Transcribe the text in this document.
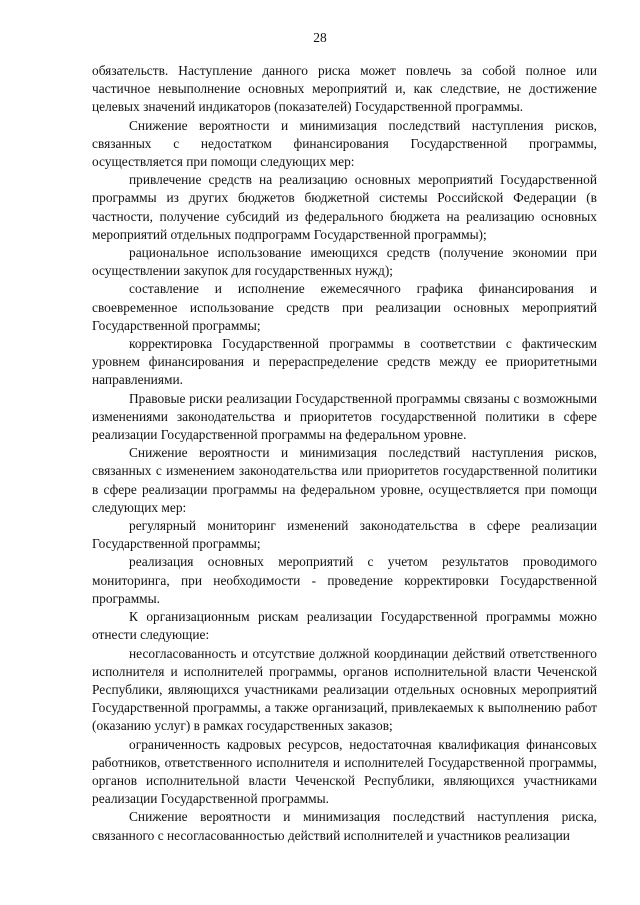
28

обязательств. Наступление данного риска может повлечь за собой полное или частичное невыполнение основных мероприятий и, как следствие, не достижение целевых значений индикаторов (показателей) Государственной программы.

Снижение вероятности и минимизация последствий наступления рисков, связанных с недостатком финансирования Государственной программы, осуществляется при помощи следующих мер:

привлечение средств на реализацию основных мероприятий Государственной программы из других бюджетов бюджетной системы Российской Федерации (в частности, получение субсидий из федерального бюджета на реализацию основных мероприятий отдельных подпрограмм Государственной программы);

рациональное использование имеющихся средств (получение экономии при осуществлении закупок для государственных нужд);

составление и исполнение ежемесячного графика финансирования и своевременное использование средств при реализации основных мероприятий Государственной программы;

корректировка Государственной программы в соответствии с фактическим уровнем финансирования и перераспределение средств между ее приоритетными направлениями.

Правовые риски реализации Государственной программы связаны с возможными изменениями законодательства и приоритетов государственной политики в сфере реализации Государственной программы на федеральном уровне.

Снижение вероятности и минимизация последствий наступления рисков, связанных с изменением законодательства или приоритетов государственной политики в сфере реализации программы на федеральном уровне, осуществляется при помощи следующих мер:

регулярный мониторинг изменений законодательства в сфере реализации Государственной программы;

реализация основных мероприятий с учетом результатов проводимого мониторинга, при необходимости - проведение корректировки Государственной программы.

К организационным рискам реализации Государственной программы можно отнести следующие:

несогласованность и отсутствие должной координации действий ответственного исполнителя и исполнителей программы, органов исполнительной власти Чеченской Республики, являющихся участниками реализации отдельных основных мероприятий Государственной программы, а также организаций, привлекаемых к выполнению работ (оказанию услуг) в рамках государственных заказов;

ограниченность кадровых ресурсов, недостаточная квалификация финансовых работников, ответственного исполнителя и исполнителей Государственной программы, органов исполнительной власти Чеченской Республики, являющихся участниками реализации Государственной программы.

Снижение вероятности и минимизация последствий наступления риска, связанного с несогласованностью действий исполнителей и участников реализации
